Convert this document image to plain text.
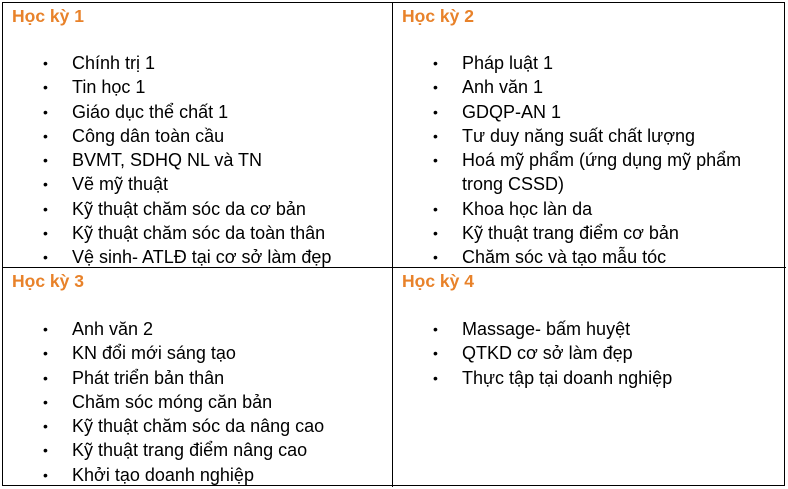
Học kỳ 1
• Chính trị 1
• Tin học 1
• Giáo dục thể chất 1
• Công dân toàn cầu
• BVMT, SDHQ NL và TN
• Vẽ mỹ thuật
• Kỹ thuật chăm sóc da cơ bản
• Kỹ thuật chăm sóc da toàn thân
• Vệ sinh- ATLĐ tại cơ sở làm đẹp
Học kỳ 2
• Pháp luật 1
• Anh văn 1
• GDQP-AN 1
• Tư duy năng suất chất lượng
• Hoá mỹ phẩm (ứng dụng mỹ phẩm trong CSSD)
• Khoa học làn da
• Kỹ thuật trang điểm cơ bản
• Chăm sóc và tạo mẫu tóc
Học kỳ 3
• Anh văn 2
• KN đổi mới sáng tạo
• Phát triển bản thân
• Chăm sóc móng căn bản
• Kỹ thuật chăm sóc da nâng cao
• Kỹ thuật trang điểm nâng cao
• Khởi tạo doanh nghiệp
Học kỳ 4
• Massage- bấm huyệt
• QTKD cơ sở làm đẹp
• Thực tập tại doanh nghiệp
